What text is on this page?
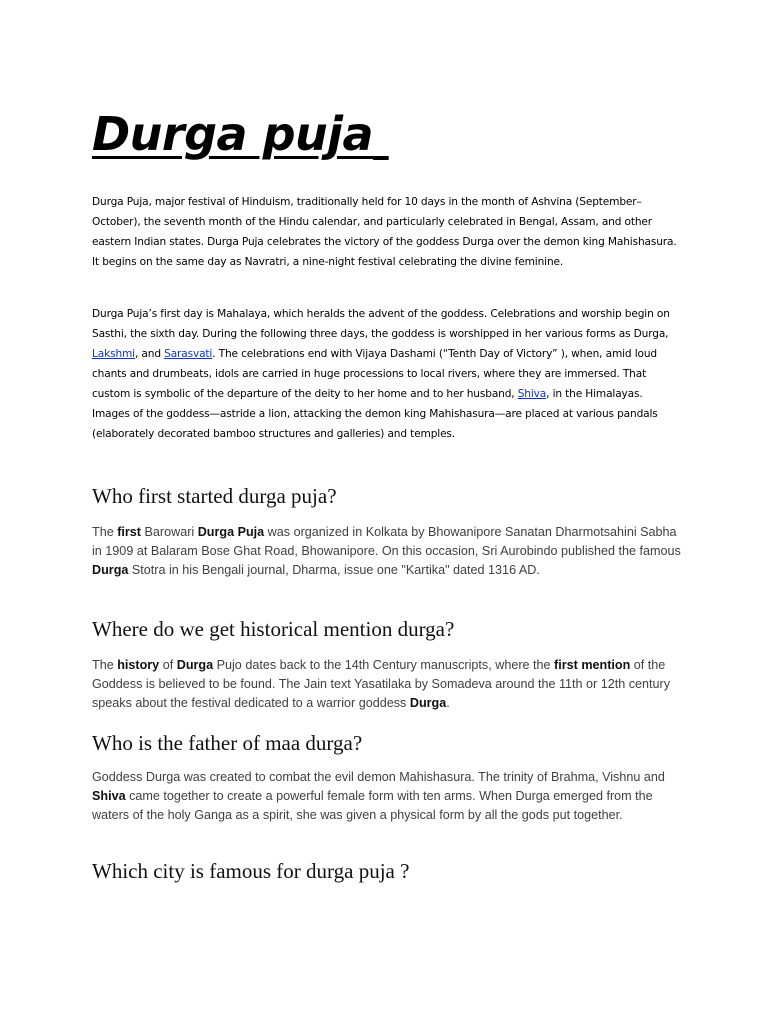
Durga puja

Durga Puja, major festival of Hinduism, traditionally held for 10 days in the month of Ashvina (September–October), the seventh month of the Hindu calendar, and particularly celebrated in Bengal, Assam, and other eastern Indian states. Durga Puja celebrates the victory of the goddess Durga over the demon king Mahishasura. It begins on the same day as Navratri, a nine-night festival celebrating the divine feminine.

Durga Puja’s first day is Mahalaya, which heralds the advent of the goddess. Celebrations and worship begin on Sasthi, the sixth day. During the following three days, the goddess is worshipped in her various forms as Durga, Lakshmi, and Sarasvati. The celebrations end with Vijaya Dashami (“Tenth Day of Victory” ), when, amid loud chants and drumbeats, idols are carried in huge processions to local rivers, where they are immersed. That custom is symbolic of the departure of the deity to her home and to her husband, Shiva, in the Himalayas. Images of the goddess—astride a lion, attacking the demon king Mahishasura—are placed at various pandals (elaborately decorated bamboo structures and galleries) and temples.

Who first started durga puja?

The first Barowari Durga Puja was organized in Kolkata by Bhowanipore Sanatan Dharmotsahini Sabha in 1909 at Balaram Bose Ghat Road, Bhowanipore. On this occasion, Sri Aurobindo published the famous Durga Stotra in his Bengali journal, Dharma, issue one "Kartika" dated 1316 AD.

Where do we get historical mention durga?

The history of Durga Pujo dates back to the 14th Century manuscripts, where the first mention of the Goddess is believed to be found. The Jain text Yasatilaka by Somadeva around the 11th or 12th century speaks about the festival dedicated to a warrior goddess Durga.

Who is the father of maa durga?

Goddess Durga was created to combat the evil demon Mahishasura. The trinity of Brahma, Vishnu and Shiva came together to create a powerful female form with ten arms. When Durga emerged from the waters of the holy Ganga as a spirit, she was given a physical form by all the gods put together.

Which city is famous for durga puja ?
